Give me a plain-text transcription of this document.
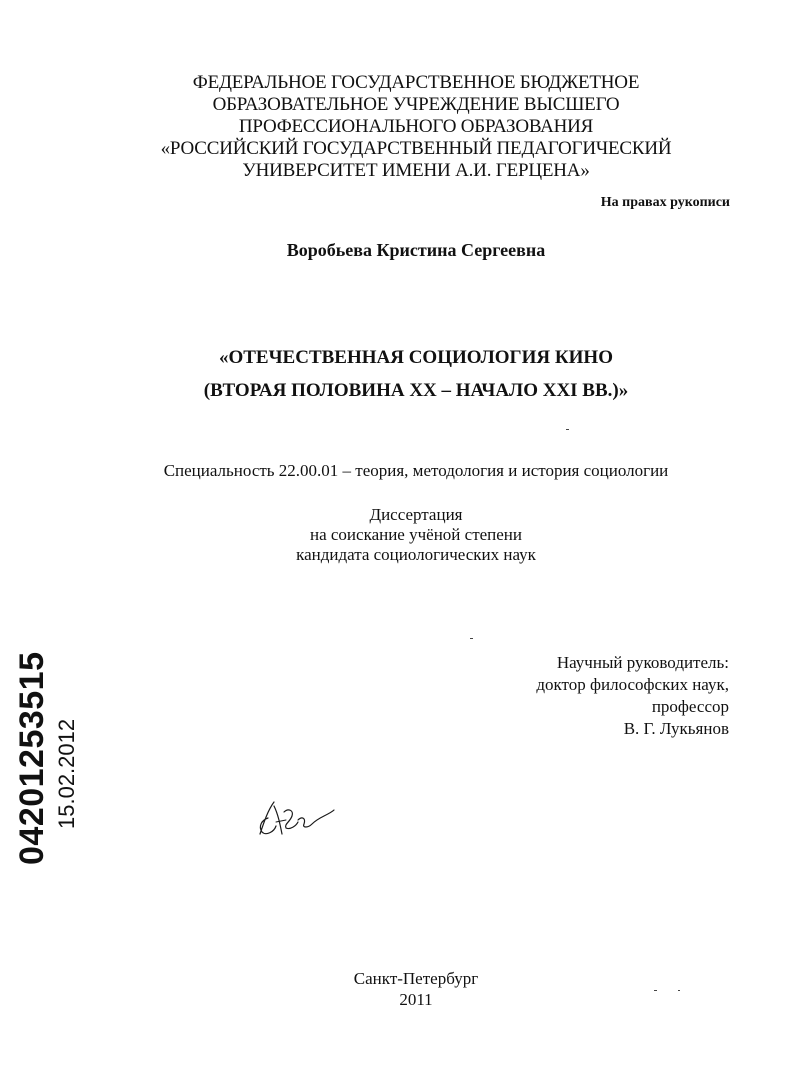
ФЕДЕРАЛЬНОЕ ГОСУДАРСТВЕННОЕ БЮДЖЕТНОЕ
ОБРАЗОВАТЕЛЬНОЕ УЧРЕЖДЕНИЕ ВЫСШЕГО
ПРОФЕССИОНАЛЬНОГО ОБРАЗОВАНИЯ
«РОССИЙСКИЙ ГОСУДАРСТВЕННЫЙ ПЕДАГОГИЧЕСКИЙ
УНИВЕРСИТЕТ ИМЕНИ А.И. ГЕРЦЕНА»
На правах рукописи
Воробьева Кристина Сергеевна
«ОТЕЧЕСТВЕННАЯ СОЦИОЛОГИЯ КИНО
(ВТОРАЯ ПОЛОВИНА XX – НАЧАЛО XXI ВВ.)»
Специальность 22.00.01 – теория, методология и история социологии
Диссертация
на соискание учёной степени
кандидата социологических наук
Научный руководитель:
доктор философских наук,
профессор
В. Г. Лукьянов
Санкт-Петербург
2011
04201253515 15.02.2012
